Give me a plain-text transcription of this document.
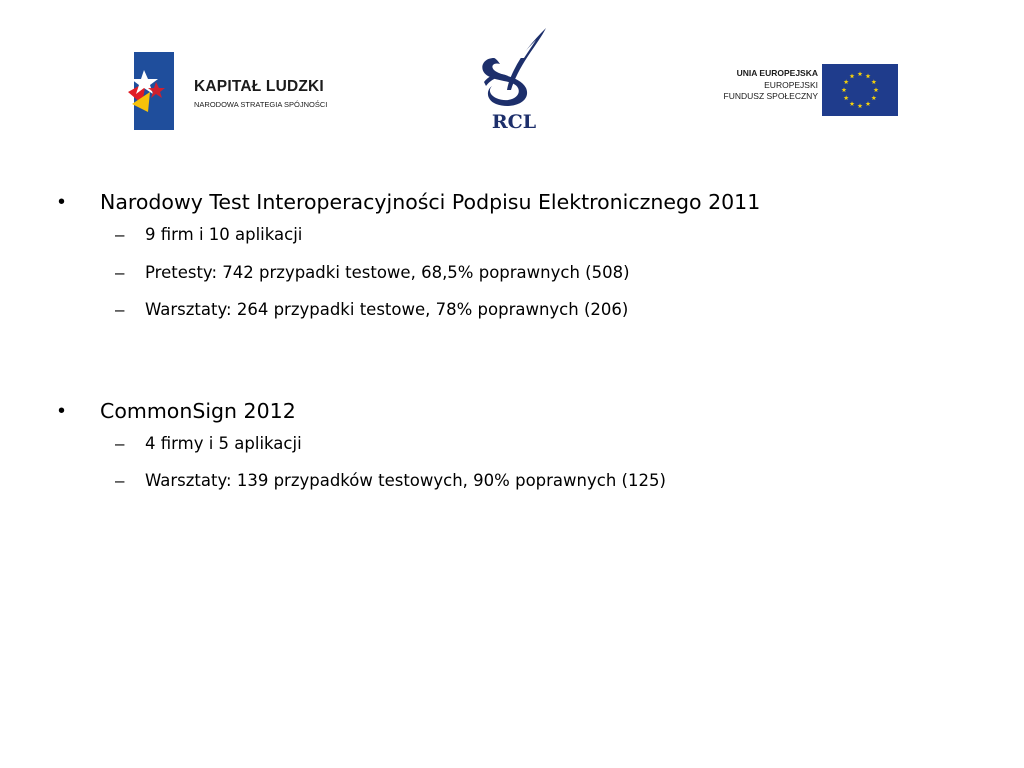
KAPITAŁ LUDZKI
NARODOWA STRATEGIA SPÓJNOŚCI
RCL
UNIA EUROPEJSKA
EUROPEJSKI
FUNDUSZ SPOŁECZNY
• Narodowy Test Interoperacyjności Podpisu Elektronicznego 2011
– 9 firm i 10 aplikacji
– Pretesty: 742 przypadki testowe, 68,5% poprawnych (508)
– Warsztaty: 264 przypadki testowe, 78% poprawnych (206)
• CommonSign 2012
– 4 firmy i 5 aplikacji
– Warsztaty: 139 przypadków testowych, 90% poprawnych (125)
